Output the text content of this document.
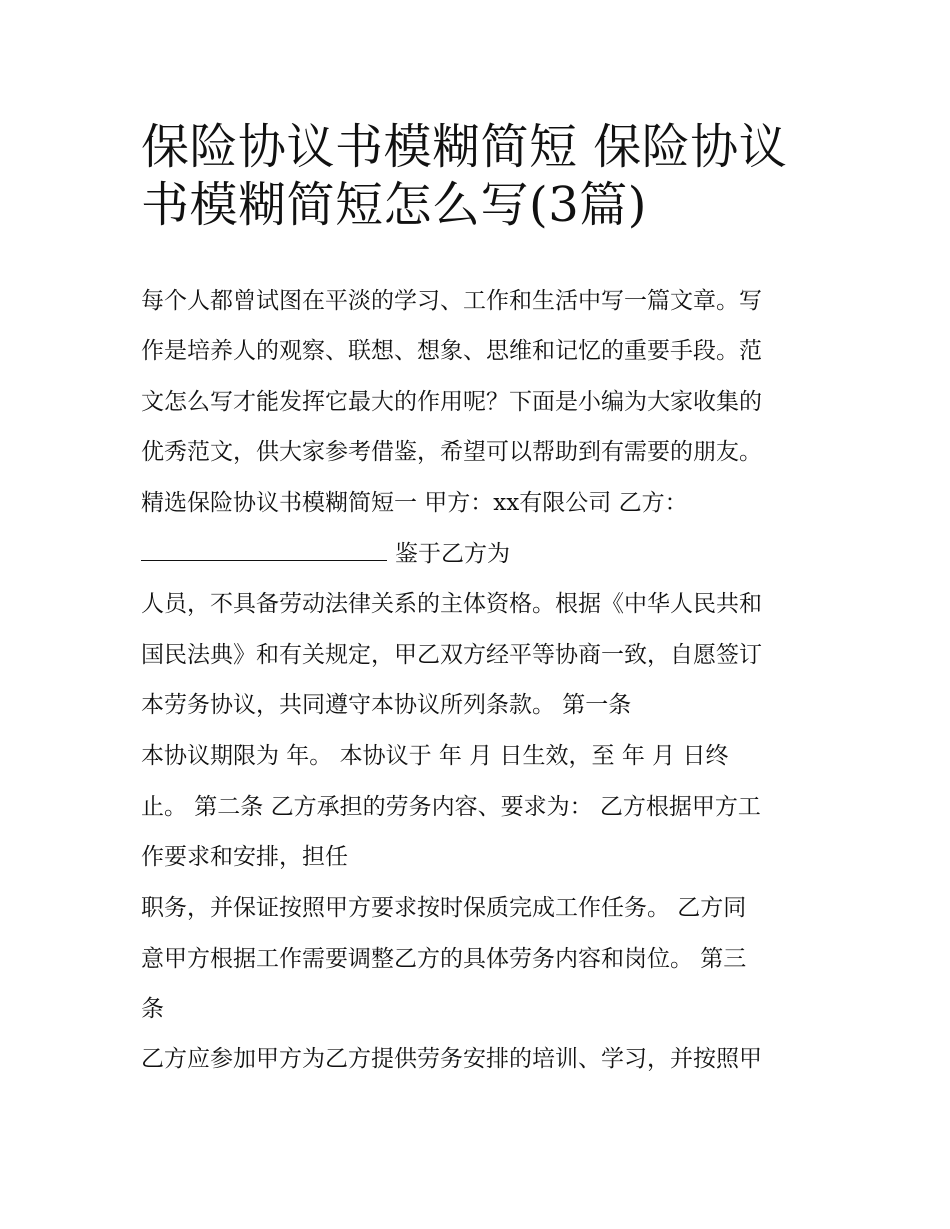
保险协议书模糊简短 保险协议
书模糊简短怎么写(3篇)
每个人都曾试图在平淡的学习、工作和生活中写一篇文章。写
作是培养人的观察、联想、想象、思维和记忆的重要手段。范
文怎么写才能发挥它最大的作用呢？下面是小编为大家收集的
优秀范文，供大家参考借鉴，希望可以帮助到有需要的朋友。
精选保险协议书模糊简短一 甲方：xx有限公司 乙方：
鉴于乙方为
人员，不具备劳动法律关系的主体资格。根据《中华人民共和
国民法典》和有关规定，甲乙双方经平等协商一致，自愿签订
本劳务协议，共同遵守本协议所列条款。 第一条
本协议期限为 年。 本协议于 年 月 日生效，至 年 月 日终
止。 第二条 乙方承担的劳务内容、要求为： 乙方根据甲方工
作要求和安排，担任
职务，并保证按照甲方要求按时保质完成工作任务。 乙方同
意甲方根据工作需要调整乙方的具体劳务内容和岗位。 第三
条
乙方应参加甲方为乙方提供劳务安排的培训、学习，并按照甲
